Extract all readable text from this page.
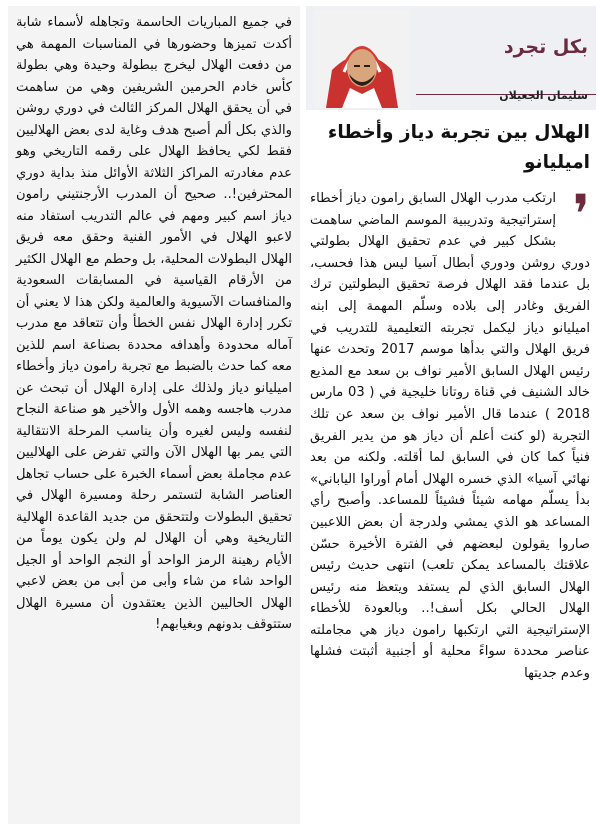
في جميع المباريات الحاسمة وتجاهله لأسماء شابة أكدت تميزها وحضورها في المناسبات المهمة هي من دفعت الهلال ليخرج ببطولة وحيدة وهي بطولة كأس خادم الحرمين الشريفين وهي من ساهمت في أن يحقق الهلال المركز الثالث في دوري روشن والذي بكل ألم أصبح هدف وغاية لدى بعض الهلاليين فقط لكي يحافظ الهلال على رقمه التاريخي وهو عدم مغادرته المراكز الثلاثة الأوائل منذ بداية دوري المحترفين!.. صحيح أن المدرب الأرجنتيني رامون دياز اسم كبير ومهم في عالم التدريب استفاد منه لاعبو الهلال في الأمور الفنية وحقق معه فريق الهلال البطولات المحلية، بل وحطم مع الهلال الكثير من الأرقام القياسية في المسابقات السعودية والمنافسات الآسيوية والعالمية ولكن هذا لا يعني أن تكرر إدارة الهلال نفس الخطأ وأن تتعاقد مع مدرب آماله محدودة وأهدافه محددة بصناعة اسم للذين معه كما حدث بالضبط مع تجربة رامون دياز وأخطاء اميليانو دياز ولذلك على إدارة الهلال أن تبحث عن مدرب هاجسه وهمه الأول والأخير هو صناعة النجاح لنفسه وليس لغيره وأن يناسب المرحلة الانتقالية التي يمر بها الهلال الآن والتي تفرض على الهلاليين عدم مجاملة بعض أسماء الخبرة على حساب تجاهل العناصر الشابة لتستمر رحلة ومسيرة الهلال في تحقيق البطولات ولتتحقق من جديد القاعدة الهلالية التاريخية وهي أن الهلال لم ولن يكون يوماً من الأيام رهينة الرمز الواحد أو النجم الواحد أو الجيل الواحد شاء من شاء وأبى من أبى من بعض لاعبي الهلال الحاليين الذين يعتقدون أن مسيرة الهلال ستتوقف بدونهم وبغيابهم!
بكل تجرد
سليمان الجعيلان
الهلال بين تجربة دياز وأخطاء اميليانو
❜
ارتكب مدرب الهلال السابق رامون دياز أخطاء إستراتيجية وتدريبية الموسم الماضي ساهمت بشكل كبير في عدم تحقيق الهلال بطولتي دوري روشن ودوري أبطال آسيا ليس هذا فحسب، بل عندما فقد الهلال فرصة تحقيق البطولتين ترك الفريق وغادر إلى بلاده وسلّم المهمة إلى ابنه اميليانو دياز ليكمل تجربته التعليمية للتدريب في فريق الهلال والتي بدأها موسم 2017 وتحدث عنها رئيس الهلال السابق الأمير نواف بن سعد مع المذيع خالد الشنيف في قناة روتانا خليجية في ( 03 مارس 2018 ) عندما قال الأمير نواف بن سعد عن تلك التجربة (لو كنت أعلم أن دياز هو من يدير الفريق فنياً كما كان في السابق لما أقلته. ولكنه من بعد نهائي آسيا» الذي خسره الهلال أمام أوراوا الياباني» بدأ يسلّم مهامه شيئاً فشيئاً للمساعد. وأصبح رأي المساعد هو الذي يمشي ولدرجة أن بعض اللاعبين صاروا يقولون لبعضهم في الفترة الأخيرة حسّن علاقتك بالمساعد يمكن تلعب) انتهى حديث رئيس الهلال السابق الذي لم يستفد ويتعظ منه رئيس الهلال الحالي بكل أسف!.. وبالعودة للأخطاء الإستراتيجية التي ارتكبها رامون دياز هي مجاملته عناصر محددة سواءً محلية أو أجنبية أثبتت فشلها وعدم جديتها
